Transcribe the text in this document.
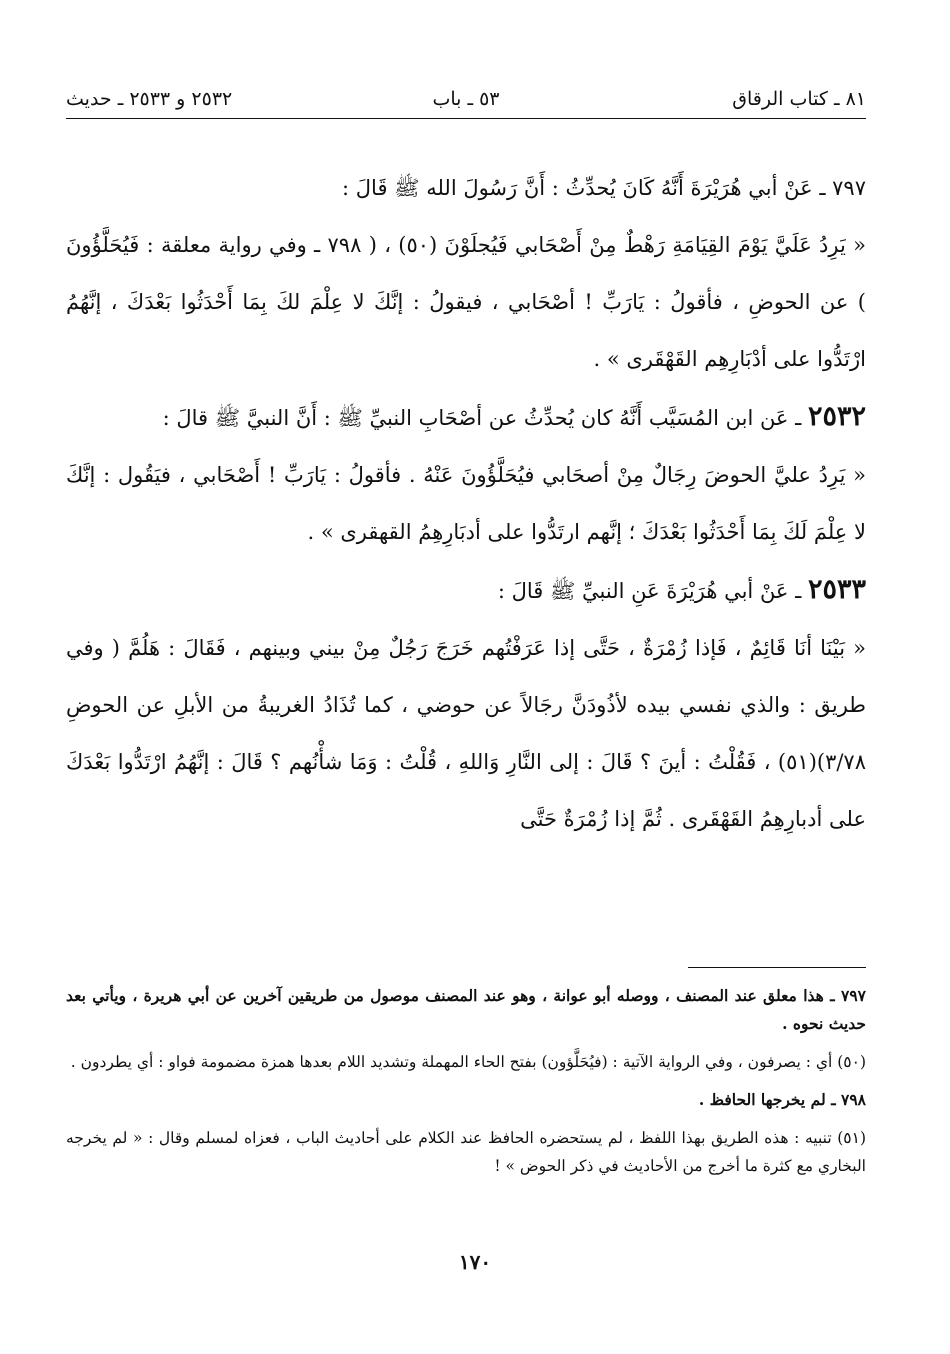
٨١ ـ كتاب الرقاق
٥٣ ـ باب
٢٥٣٢ و ٢٥٣٣ ـ حديث

٧٩٧ ـ عَنْ أبي هُرَيْرَةَ أَنَّهُ كَانَ يُحدِّثُ : أَنَّ رَسُولَ الله ﷺ قَالَ :

« يَرِدُ عَلَيَّ يَوْمَ القِيَامَةِ رَهْطٌ مِنْ أَصْحَابي فَيُجلَوْنَ (٥٠) ، ( ٧٩٨ ـ وفي رواية معلقة : فَيُحَلَّؤُونَ ) عن الحوضِ ، فأقولُ : يَارَبِّ ! أصْحَابي ، فيقولُ : إنَّكَ لا عِلْمَ لكَ بِمَا أَحْدَثُوا بَعْدَكَ ، إنَّهُمُ ارْتَدُّوا على أدْبَارِهِم القَهْقَرى » .

٢٥٣٢ ـ عَن ابن المُسَيَّب أَنَّهُ كان يُحدِّثُ عن أصْحَابِ النبيِّ ﷺ : أَنَّ النبيَّ ﷺ قالَ :

« يَرِدُ عليَّ الحوضَ رِجَالٌ مِنْ أصحَابي فيُحَلَّؤُونَ عَنْهُ . فأقولُ : يَارَبِّ ! أَصْحَابي ، فيَقُول : إنَّكَ لا عِلْمَ لَكَ بِمَا أَحْدَثُوا بَعْدَكَ ؛ إنَّهم ارتَدُّوا على أدبَارِهِمُ القهقرى » .

٢٥٣٣ ـ عَنْ أبي هُرَيْرَةَ عَنِ النبيِّ ﷺ قَالَ :

« بَيْنَا أنَا قَائِمٌ ، فَإذا زُمْرَةٌ ، حَتَّى إذا عَرَفْتُهم خَرَجَ رَجُلٌ مِنْ بيني وبينهم ، فَقَالَ : هَلُمَّ ( وفي طريق : والذي نفسي بيده لأذُودَنَّ رجَالاً عن حوضي ، كما تُذَادُ الغريبةُ من الأبلِ عن الحوضِ ٣/٧٨)(٥١) ، فَقُلْتُ : أينَ ؟ قَالَ : إلى النَّارِ وَاللهِ ، قُلْتُ : وَمَا شأْنُهم ؟ قَالَ : إنَّهُمُ ارْتَدُّوا بَعْدَكَ على أدبارِهِمُ القَهْقَرى . ثُمَّ إذا زُمْرَةٌ حَتَّى

٧٩٧ ـ هذا معلق عند المصنف ، ووصله أبو عوانة ، وهو عند المصنف موصول من طريقين آخرين عن أبي هريرة ، ويأتي بعد حديث نحوه .

(٥٠) أي : يصرفون ، وفي الرواية الآتية : (فيُحَلَّؤون) بفتح الحاء المهملة وتشديد اللام بعدها همزة مضمومة فواو : أي يطردون .

٧٩٨ ـ لم يخرجها الحافظ .

(٥١) تنبيه : هذه الطريق بهذا اللفظ ، لم يستحضره الحافظ عند الكلام على أحاديث الباب ، فعزاه لمسلم وقال : « لم يخرجه البخاري مع كثرة ما أخرج من الأحاديث في ذكر الحوض » !

١٧٠
